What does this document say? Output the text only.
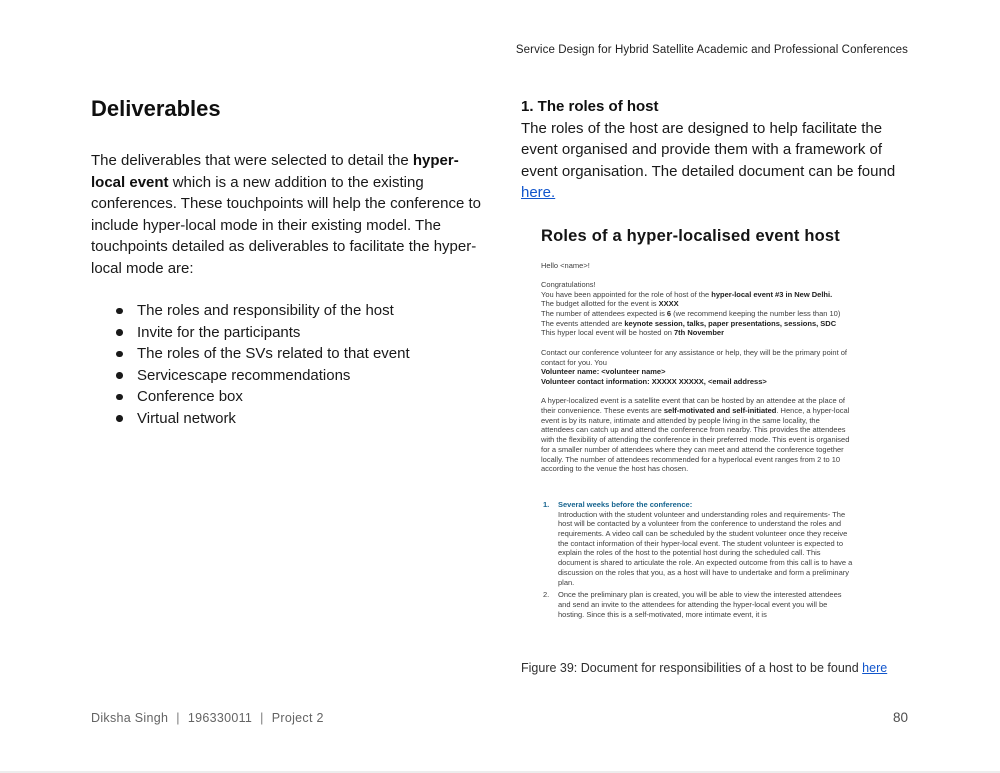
Service Design for Hybrid Satellite Academic and Professional Conferences
Deliverables

The deliverables that were selected to detail the hyper-local event which is a new addition to the existing conferences. These touchpoints will help the conference to include hyper-local mode in their existing model. The touchpoints detailed as deliverables to facilitate the hyper-local mode are:

The roles and responsibility of the host
Invite for the participants
The roles of the SVs related to that event
Servicescape recommendations
Conference box
Virtual network
1. The roles of host

The roles of the host are designed to help facilitate the event organised and provide them with a framework of event organisation. The detailed document can be found
here.

Roles of a hyper-localised event host

Hello <name>!

Congratulations!

You have been appointed for the role of host of the hyper-local event #3 in New Delhi.

The budget allotted for the event is XXXX

The number of attendees expected is 6 (we recommend keeping the number less than 10)

The events attended are keynote session, talks, paper presentations, sessions, SDC

This hyper local event will be hosted on 7th November

Contact our conference volunteer for any assistance or help, they will be the primary point of contact for you. You

Volunteer name: <volunteer name>

Volunteer contact information: XXXXX XXXXX, <email address>

A hyper-localized event is a satellite event that can be hosted by an attendee at the place of their convenience. These events are self-motivated and self-initiated. Hence, a hyper-local event is by its nature, intimate and attended by people living in the same locality, the attendees can catch up and attend the conference from nearby. This provides the attendees with the flexibility of attending the conference in their preferred mode. This event is organised for a smaller number of attendees where they can meet and attend the conference together locally. The number of attendees recommended for a hyperlocal event ranges from 2 to 10 according to the venue the host has chosen.

1.	Several weeks before the conference:
Introduction with the student volunteer and understanding roles and requirements- The host will be contacted by a volunteer from the conference to understand the roles and requirements. A video call can be scheduled by the student volunteer once they receive the contact information of their hyper-local event. The student volunteer is expected to explain the roles of the host to the potential host during the scheduled call. This document is shared to articulate the role. An expected outcome from this call is to have a discussion on the roles that you, as a host will have to undertake and form a preliminary plan.
2.	Once the preliminary plan is created, you will be able to view the interested attendees and send an invite to the attendees for attending the hyper-local event you will be hosting. Since this is a self-motivated, more intimate event, it is

Figure 39: Document for responsibilities of a host to be found here

Diksha Singh | 196330011 | Project 2	80
